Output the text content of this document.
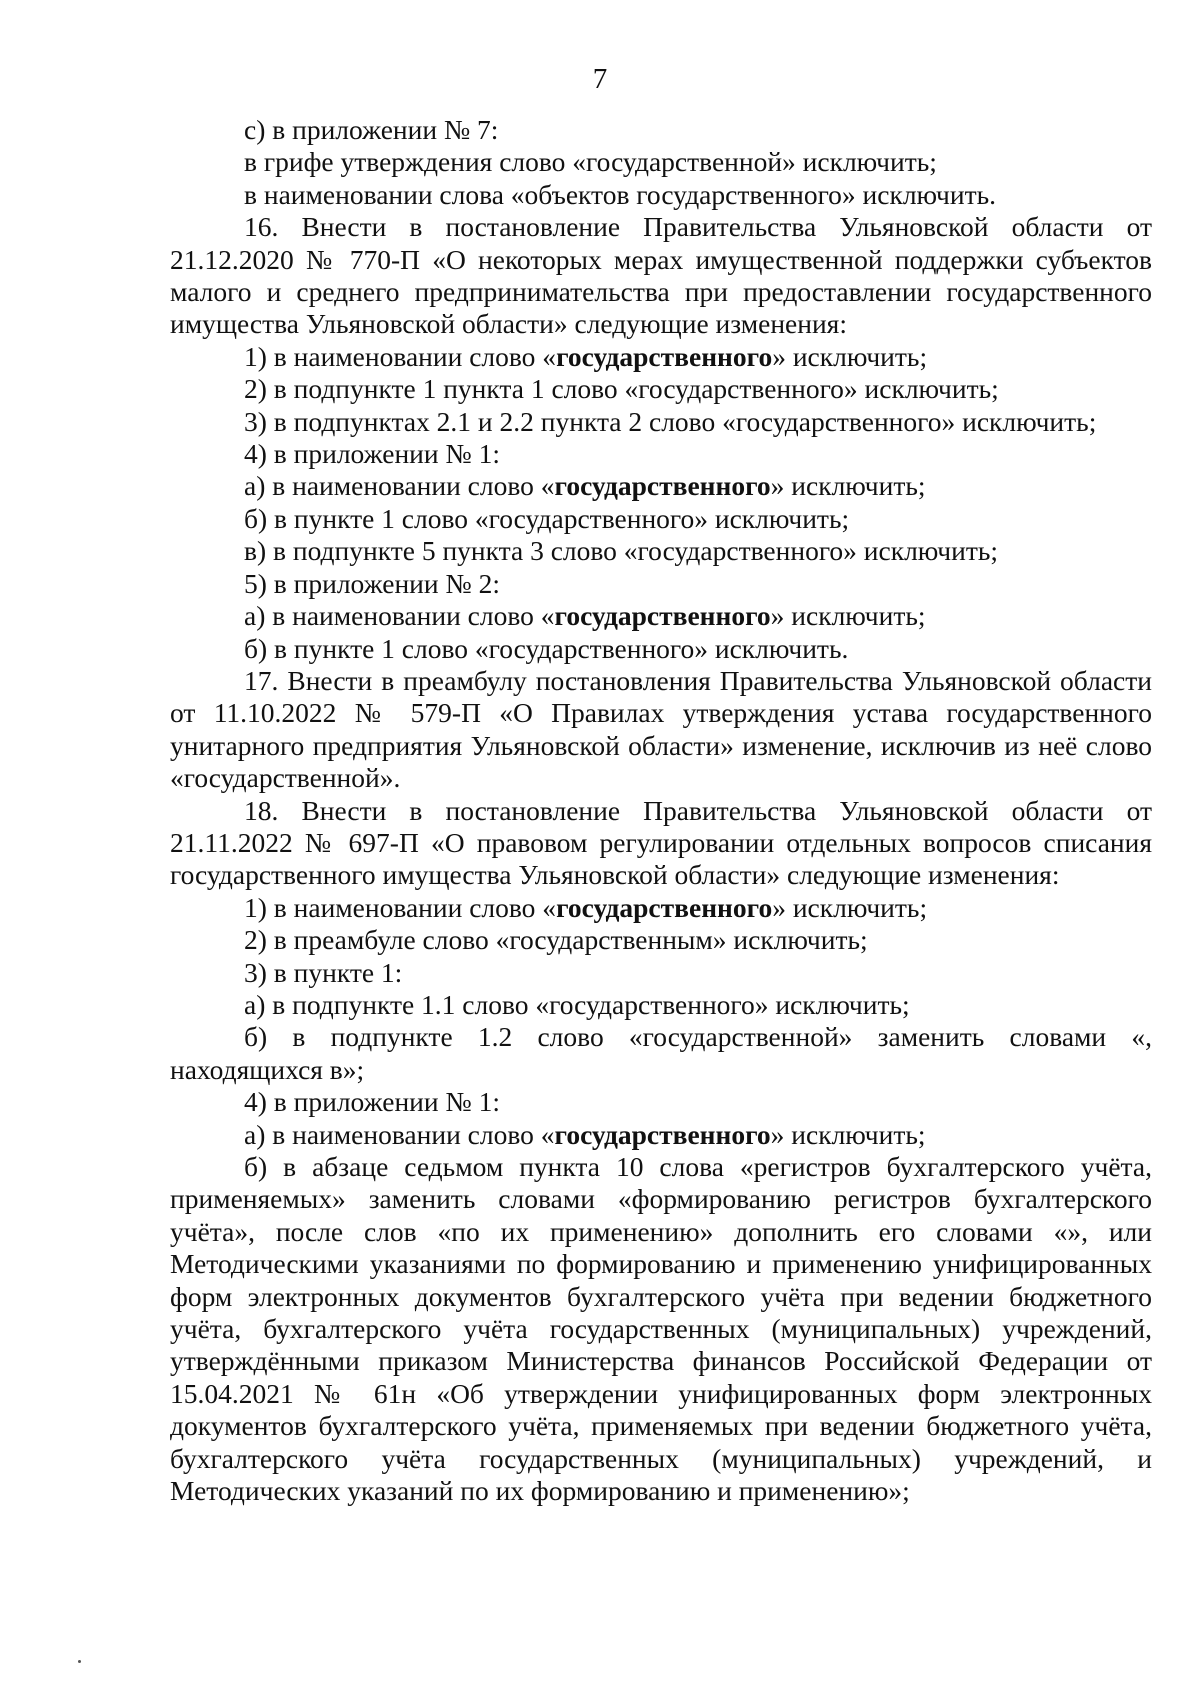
7

с) в приложении № 7:

в грифе утверждения слово «государственной» исключить;

в наименовании слова «объектов государственного» исключить.

16. Внести в постановление Правительства Ульяновской области от 21.12.2020 № 770-П «О некоторых мерах имущественной поддержки субъектов малого и среднего предпринимательства при предоставлении государственного имущества Ульяновской области» следующие изменения:

1) в наименовании слово «государственного» исключить;

2) в подпункте 1 пункта 1 слово «государственного» исключить;

3) в подпунктах 2.1 и 2.2 пункта 2 слово «государственного» исключить;

4) в приложении № 1:

а) в наименовании слово «государственного» исключить;

б) в пункте 1 слово «государственного» исключить;

в) в подпункте 5 пункта 3 слово «государственного» исключить;

5) в приложении № 2:

а) в наименовании слово «государственного» исключить;

б) в пункте 1 слово «государственного» исключить.

17. Внести в преамбулу постановления Правительства Ульяновской области от 11.10.2022 № 579-П «О Правилах утверждения устава государственного унитарного предприятия Ульяновской области» изменение, исключив из неё слово «государственной».

18. Внести в постановление Правительства Ульяновской области от 21.11.2022 № 697-П «О правовом регулировании отдельных вопросов списания государственного имущества Ульяновской области» следующие изменения:

1) в наименовании слово «государственного» исключить;

2) в преамбуле слово «государственным» исключить;

3) в пункте 1:

а) в подпункте 1.1 слово «государственного» исключить;

б) в подпункте 1.2 слово «государственной» заменить словами «, находящихся в»;

4) в приложении № 1:

а) в наименовании слово «государственного» исключить;

б) в абзаце седьмом пункта 10 слова «регистров бухгалтерского учёта, применяемых» заменить словами «формированию регистров бухгалтерского учёта», после слов «по их применению» дополнить его словами «», или Методическими указаниями по формированию и применению унифицированных форм электронных документов бухгалтерского учёта при ведении бюджетного учёта, бухгалтерского учёта государственных (муниципальных) учреждений, утверждёнными приказом Министерства финансов Российской Федерации от 15.04.2021 № 61н «Об утверждении унифицированных форм электронных документов бухгалтерского учёта, применяемых при ведении бюджетного учёта, бухгалтерского учёта государственных (муниципальных) учреждений, и Методических указаний по их формированию и применению»;
